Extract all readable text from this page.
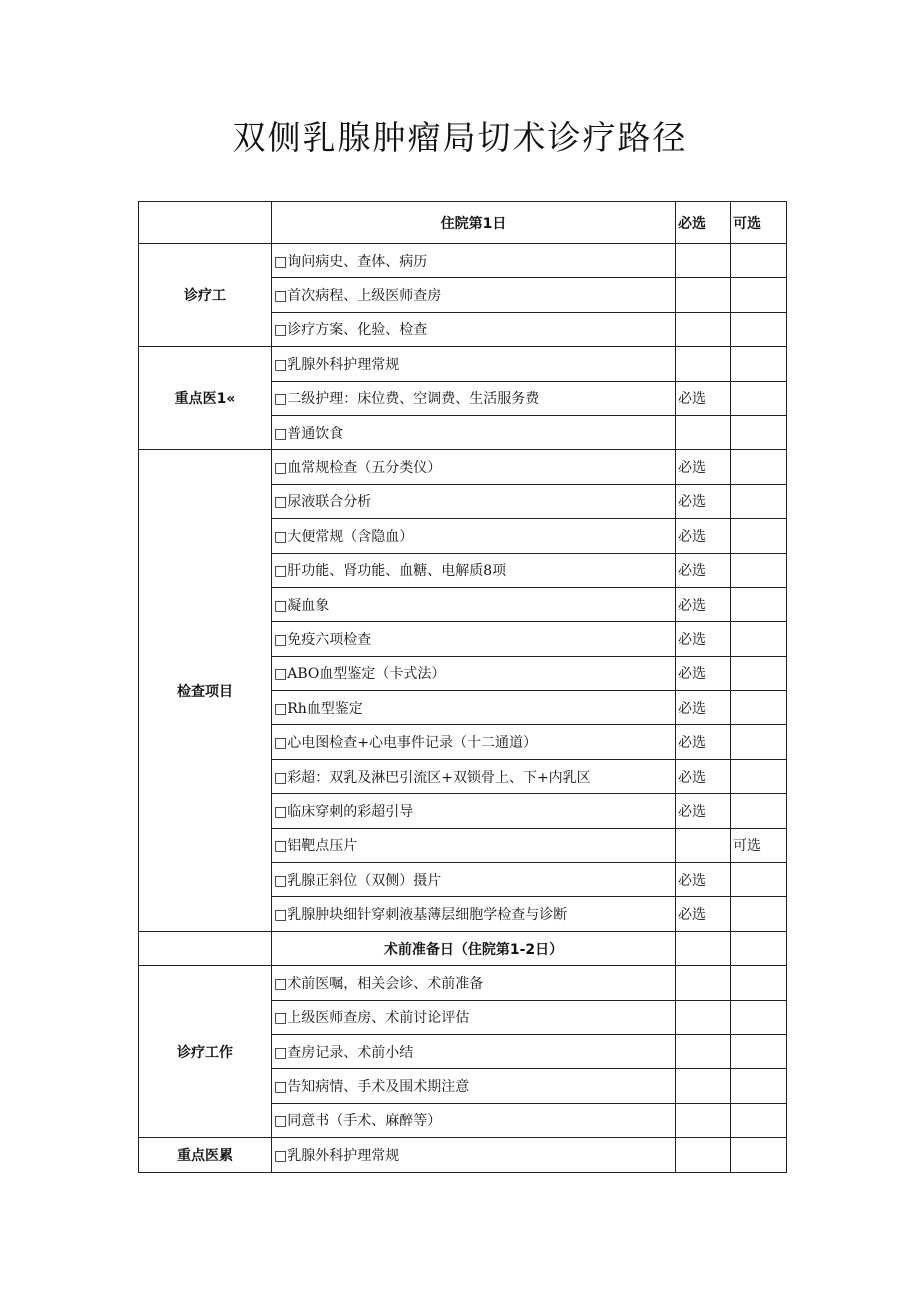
双侧乳腺肿瘤局切术诊疗路径
	住院第1日	必选	可选
诊疗工	□询问病史、查体、病历		
	□首次病程、上级医师查房		
	□诊疗方案、化验、检查		
重点医1«	□乳腺外科护理常规		
	□二级护理：床位费、空调费、生活服务费	必选	
	□普通饮食		
检查项目	□血常规检查（五分类仪）	必选	
	□尿液联合分析	必选	
	□大便常规（含隐血）	必选	
	□肝功能、肾功能、血糖、电解质8项	必选	
	□凝血象	必选	
	□免疫六项检查	必选	
	□ABO血型鉴定（卡式法）	必选	
	□Rh血型鉴定	必选	
	□心电图检查+心电事件记录（十二通道）	必选	
	□彩超：双乳及淋巴引流区+双锁骨上、下+内乳区	必选	
	□临床穿刺的彩超引导	必选	
	□铝靶点压片		可选
	□乳腺正斜位（双侧）摄片	必选	
	□乳腺肿块细针穿刺液基薄层细胞学检查与诊断	必选	
	术前准备日（住院第1-2日）		
诊疗工作	□术前医嘱，相关会诊、术前准备		
	□上级医师查房、术前讨论评估		
	□查房记录、术前小结		
	□告知病情、手术及围术期注意		
	□同意书（手术、麻醉等）		
重点医累	□乳腺外科护理常规		
